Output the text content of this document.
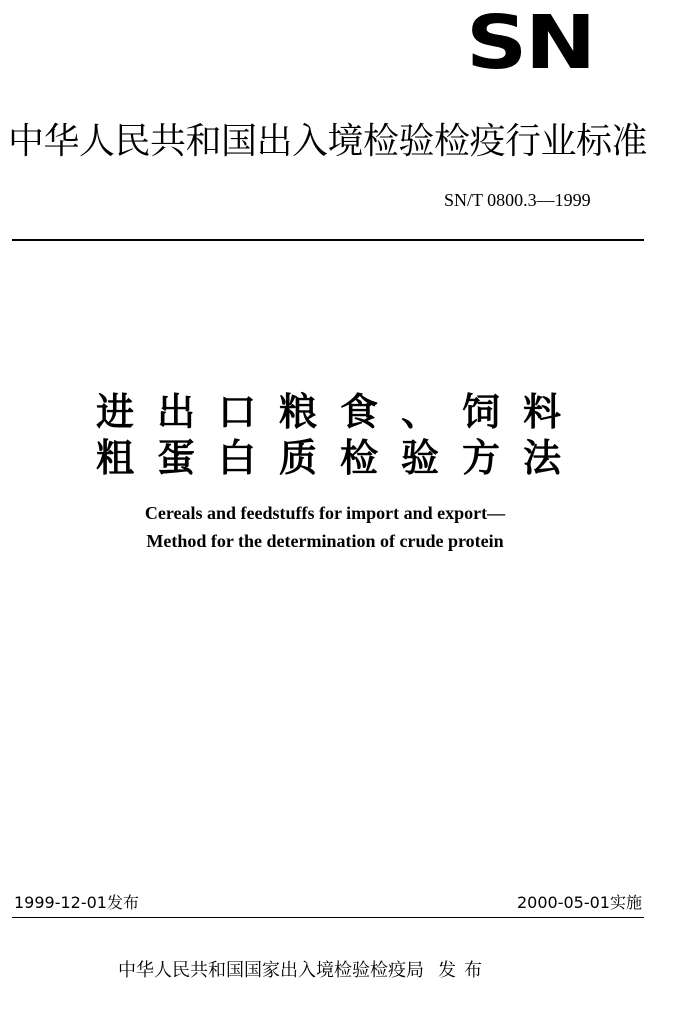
SN
中华人民共和国出入境检验检疫行业标准
SN/T 0800.3—1999
进出口粮食、饲料
粗蛋白质检验方法
Cereals and feedstuffs for import and export—
Method for the determination of crude protein
1999-12-01发布	2000-05-01实施
中华人民共和国国家出入境检验检疫局 发布
